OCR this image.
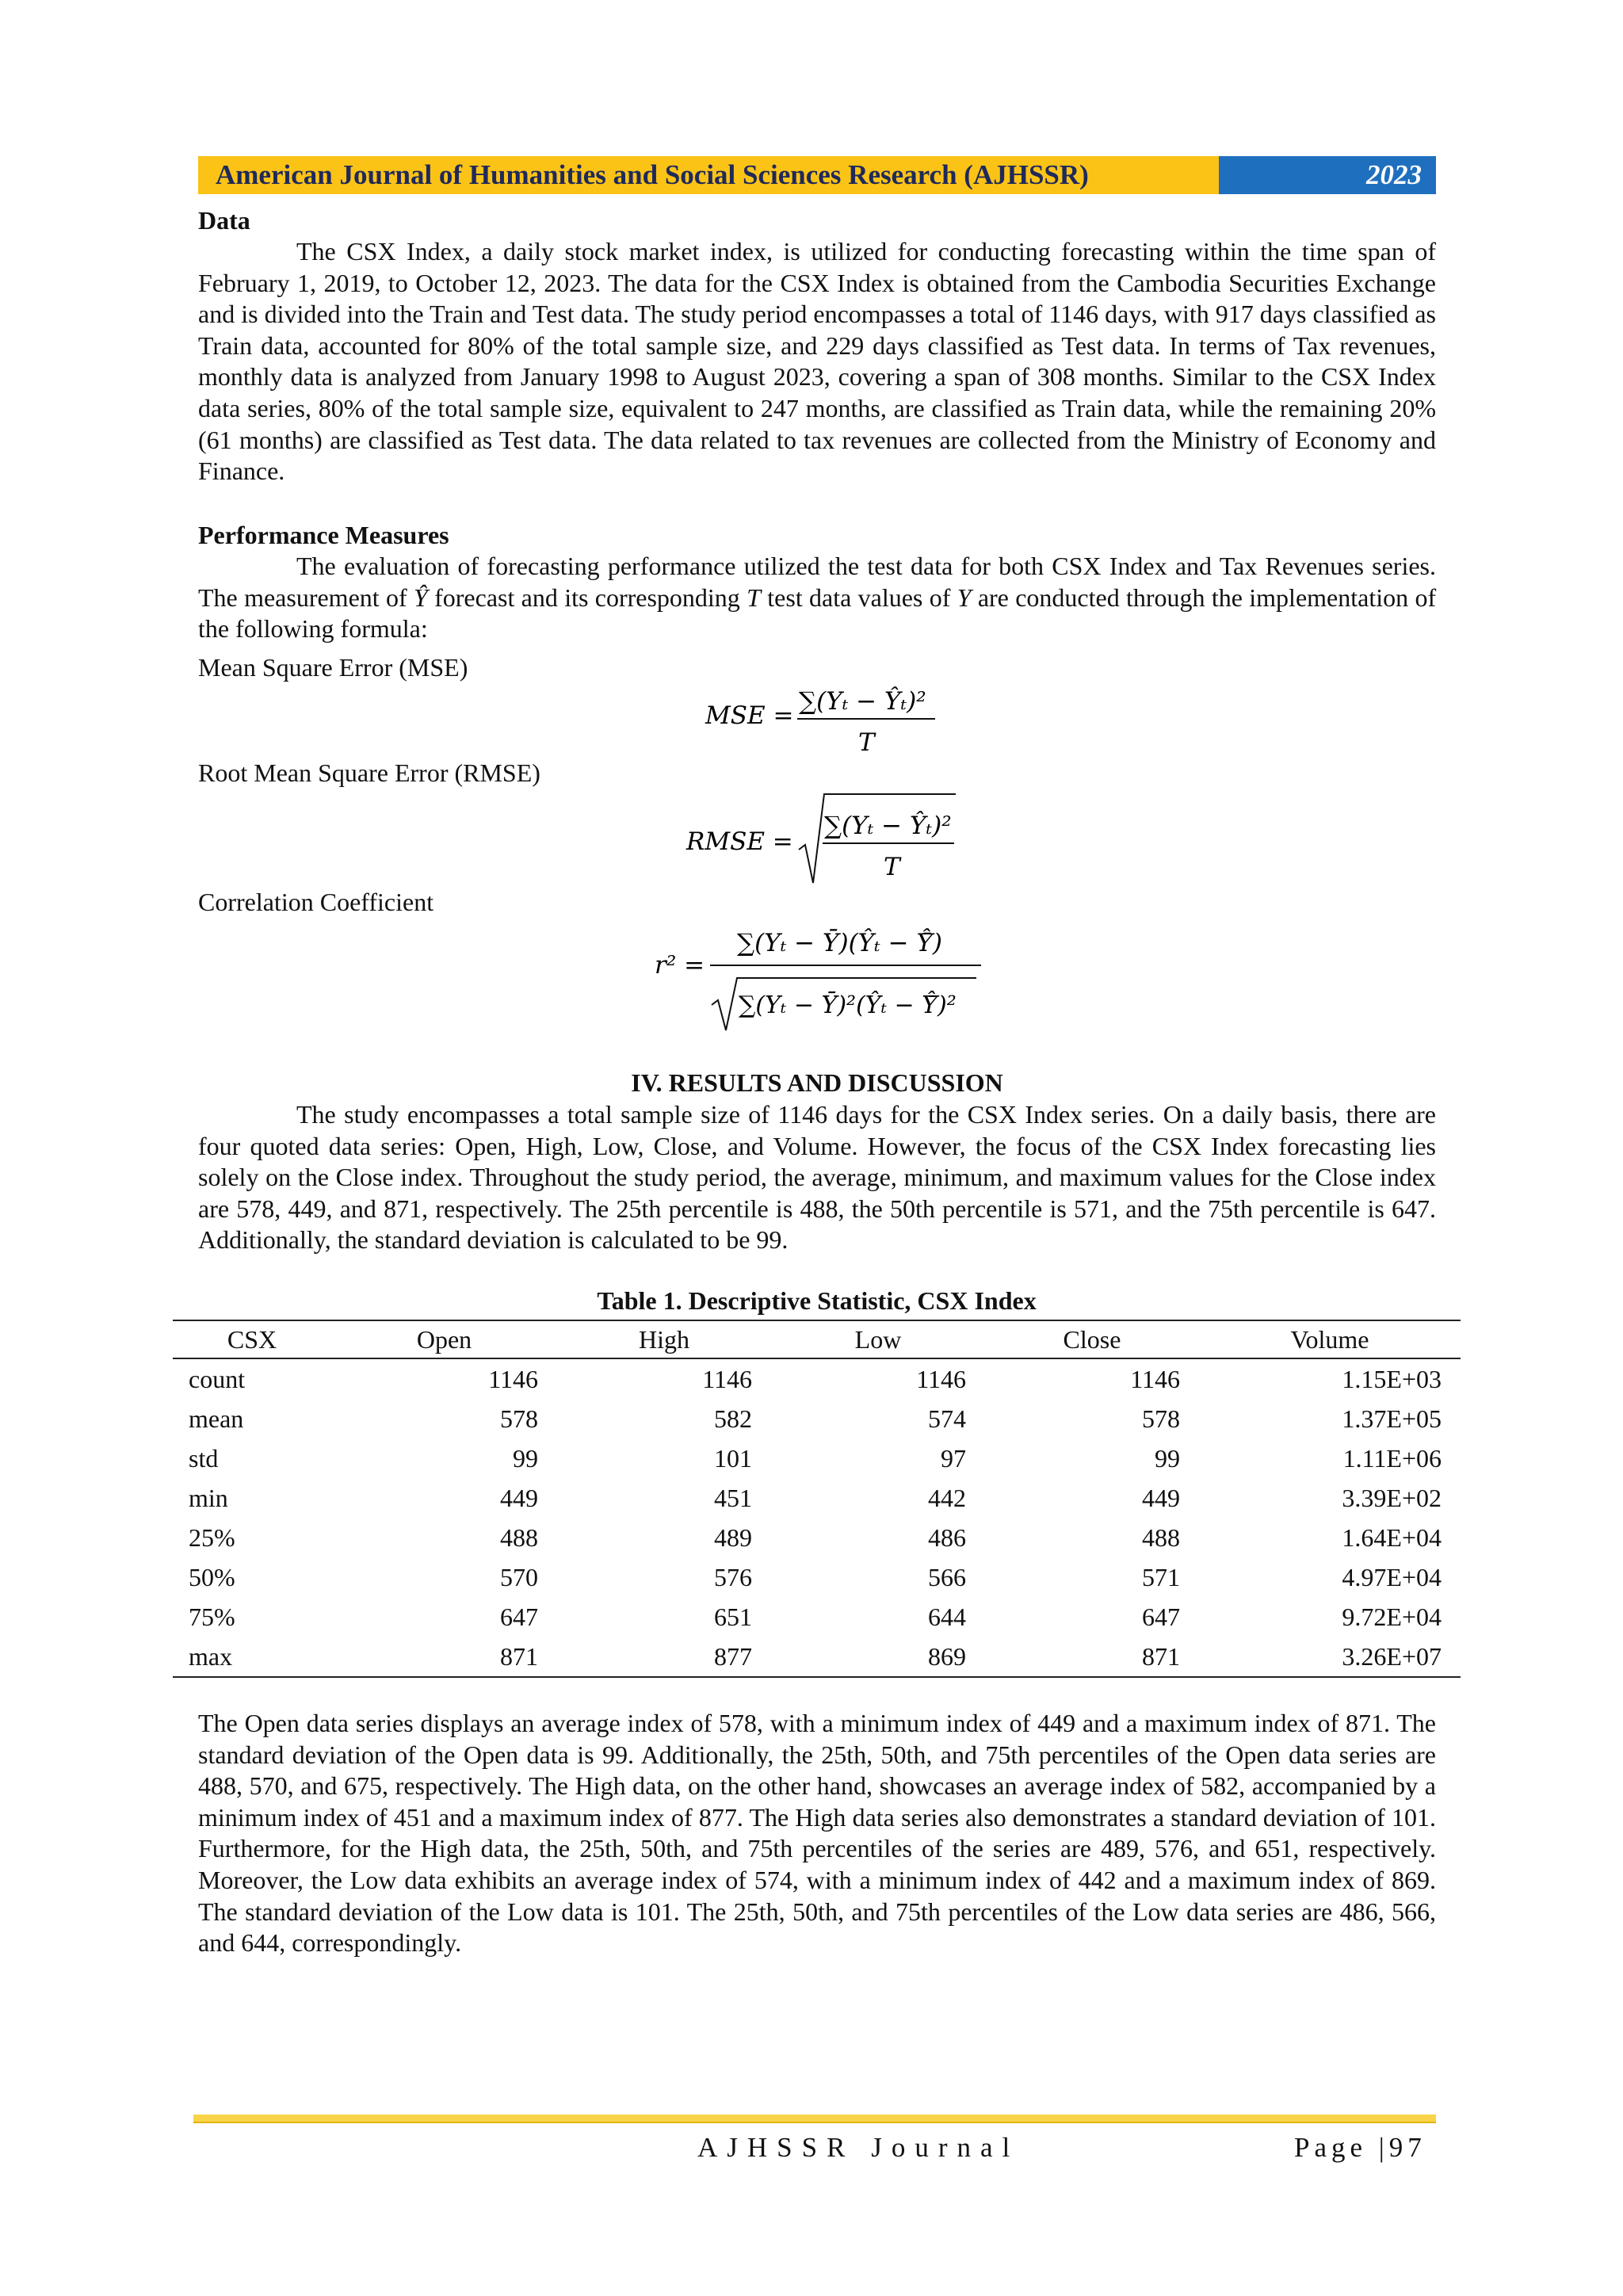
American Journal of Humanities and Social Sciences Research (AJHSSR)	2023

Data

The CSX Index, a daily stock market index, is utilized for conducting forecasting within the time span of February 1, 2019, to October 12, 2023. The data for the CSX Index is obtained from the Cambodia Securities Exchange and is divided into the Train and Test data. The study period encompasses a total of 1146 days, with 917 days classified as Train data, accounted for 80% of the total sample size, and 229 days classified as Test data. In terms of Tax revenues, monthly data is analyzed from January 1998 to August 2023, covering a span of 308 months. Similar to the CSX Index data series, 80% of the total sample size, equivalent to 247 months, are classified as Train data, while the remaining 20% (61 months) are classified as Test data. The data related to tax revenues are collected from the Ministry of Economy and Finance.

Performance Measures

The evaluation of forecasting performance utilized the test data for both CSX Index and Tax Revenues series. The measurement of Ŷ forecast and its corresponding T test data values of Y are conducted through the implementation of the following formula:

Mean Square Error (MSE)
Root Mean Square Error (RMSE)
Correlation Coefficient
MSE = ∑(Yₜ − Ŷₜ)²
T
RMSE =
∑(Yₜ − Ŷₜ)²
T
r² =
∑(Yₜ − Ȳ)(Ŷₜ − Ŷ̄)
∑(Yₜ − Ȳ)²(Ŷₜ − Ŷ̄)²
IV. RESULTS AND DISCUSSION

The study encompasses a total sample size of 1146 days for the CSX Index series. On a daily basis, there are four quoted data series: Open, High, Low, Close, and Volume. However, the focus of the CSX Index forecasting lies solely on the Close index. Throughout the study period, the average, minimum, and maximum values for the Close index are 578, 449, and 871, respectively. The 25th percentile is 488, the 50th percentile is 571, and the 75th percentile is 647. Additionally, the standard deviation is calculated to be 99.

Table 1. Descriptive Statistic, CSX Index
CSX	Open	High	Low	Close	Volume
count	1146	1146	1146	1146	1.15E+03
mean	578	582	574	578	1.37E+05
std	99	101	97	99	1.11E+06
min	449	451	442	449	3.39E+02
25%	488	489	486	488	1.64E+04
50%	570	576	566	571	4.97E+04
75%	647	651	644	647	9.72E+04
max	871	877	869	871	3.26E+07

The Open data series displays an average index of 578, with a minimum index of 449 and a maximum index of 871. The standard deviation of the Open data is 99. Additionally, the 25th, 50th, and 75th percentiles of the Open data series are 488, 570, and 675, respectively. The High data, on the other hand, showcases an average index of 582, accompanied by a minimum index of 451 and a maximum index of 877. The High data series also demonstrates a standard deviation of 101. Furthermore, for the High data, the 25th, 50th, and 75th percentiles of the series are 489, 576, and 651, respectively. Moreover, the Low data exhibits an average index of 574, with a minimum index of 442 and a maximum index of 869. The standard deviation of the Low data is 101. The 25th, 50th, and 75th percentiles of the Low data series are 486, 566, and 644, correspondingly.

AJHSSR Journal	Page |97
